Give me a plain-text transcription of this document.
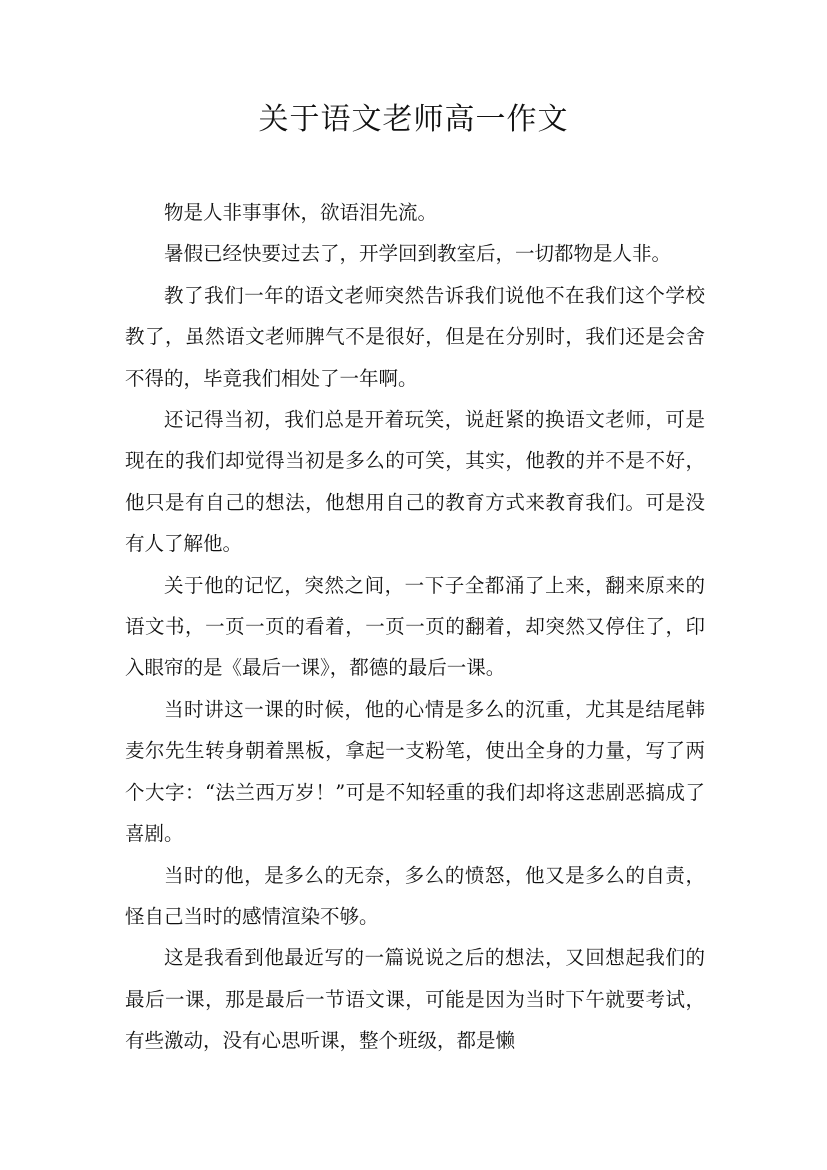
关于语文老师高一作文

物是人非事事休，欲语泪先流。

暑假已经快要过去了，开学回到教室后，一切都物是人非。

教了我们一年的语文老师突然告诉我们说他不在我们这个学校教了，虽然语文老师脾气不是很好，但是在分别时，我们还是会舍不得的，毕竟我们相处了一年啊。

还记得当初，我们总是开着玩笑，说赶紧的换语文老师，可是现在的我们却觉得当初是多么的可笑，其实，他教的并不是不好，他只是有自己的想法，他想用自己的教育方式来教育我们。可是没有人了解他。

关于他的记忆，突然之间，一下子全都涌了上来，翻来原来的语文书，一页一页的看着，一页一页的翻着，却突然又停住了，印入眼帘的是《最后一课》，都德的最后一课。

当时讲这一课的时候，他的心情是多么的沉重，尤其是结尾韩麦尔先生转身朝着黑板，拿起一支粉笔，使出全身的力量，写了两个大字：“法兰西万岁！”可是不知轻重的我们却将这悲剧恶搞成了喜剧。

当时的他，是多么的无奈，多么的愤怒，他又是多么的自责，怪自己当时的感情渲染不够。

这是我看到他最近写的一篇说说之后的想法，又回想起我们的最后一课，那是最后一节语文课，可能是因为当时下午就要考试，有些激动，没有心思听课，整个班级，都是懒
